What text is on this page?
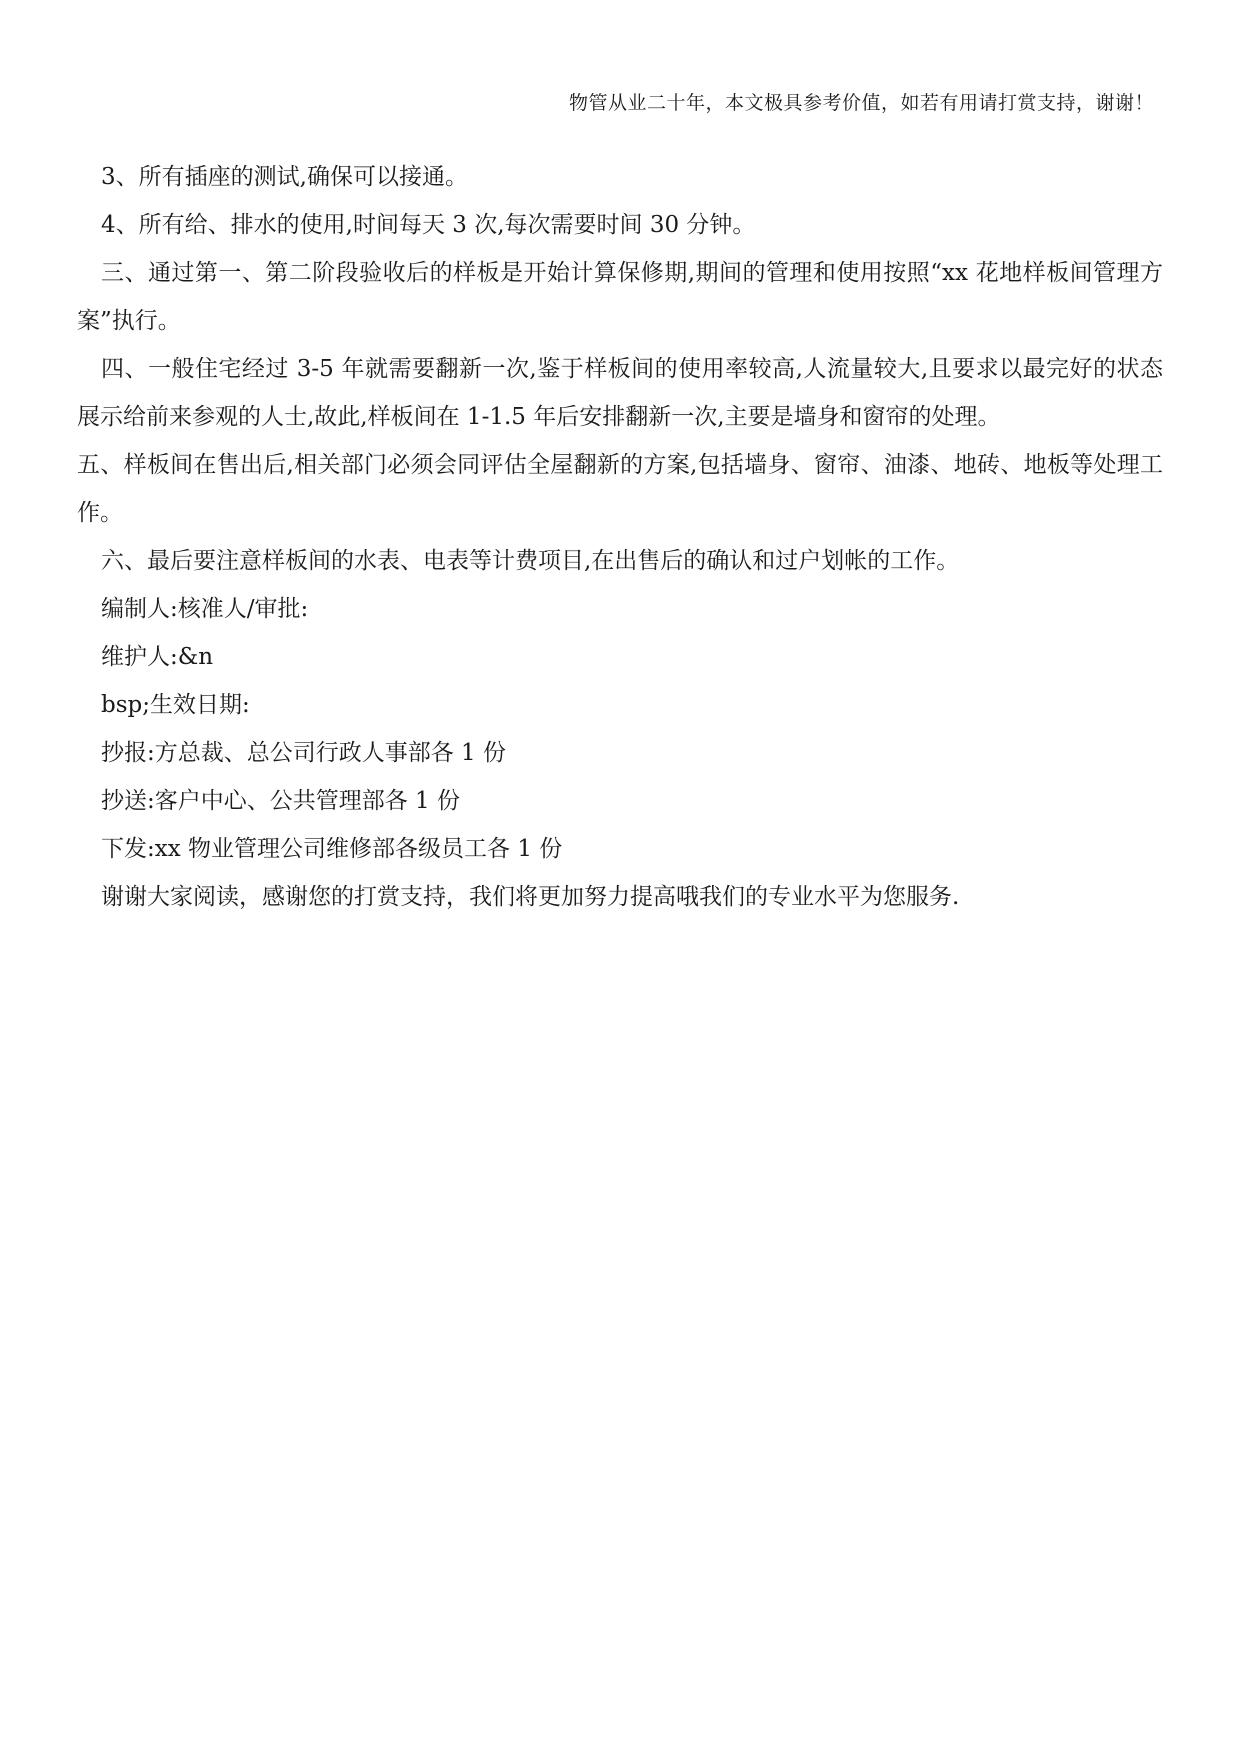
物管从业二十年，本文极具参考价值，如若有用请打赏支持，谢谢！

3、所有插座的测试,确保可以接通。

4、所有给、排水的使用,时间每天 3 次,每次需要时间 30 分钟。

三、通过第一、第二阶段验收后的样板是开始计算保修期,期间的管理和使用按照“xx 花地样板间管理方案”执行。

四、一般住宅经过 3-5 年就需要翻新一次,鉴于样板间的使用率较高,人流量较大,且要求以最完好的状态展示给前来参观的人士,故此,样板间在 1-1.5 年后安排翻新一次,主要是墙身和窗帘的处理。

五、样板间在售出后,相关部门必须会同评估全屋翻新的方案,包括墙身、窗帘、油漆、地砖、地板等处理工作。

六、最后要注意样板间的水表、电表等计费项目,在出售后的确认和过户划帐的工作。

编制人:核准人/审批:

维护人:&n

bsp;生效日期:

抄报:方总裁、总公司行政人事部各 1 份

抄送:客户中心、公共管理部各 1 份

下发:xx 物业管理公司维修部各级员工各 1 份

谢谢大家阅读，感谢您的打赏支持，我们将更加努力提高哦我们的专业水平为您服务.
